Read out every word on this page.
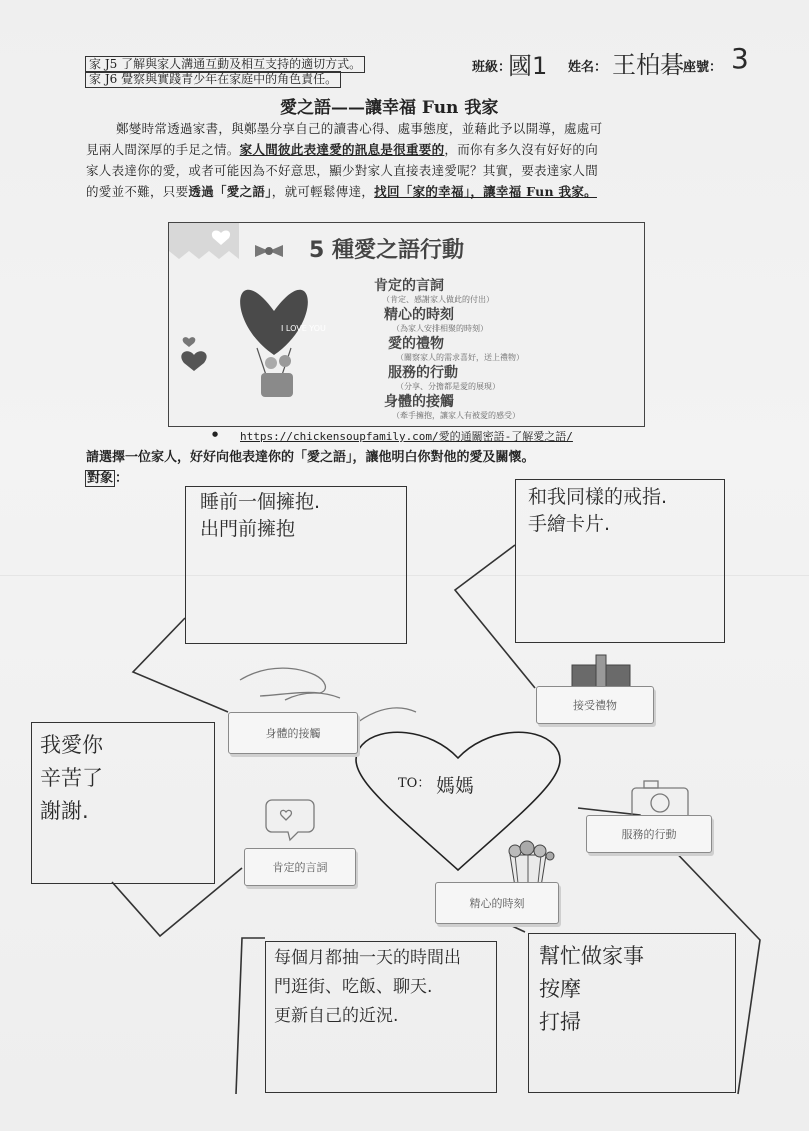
家 J5 了解與家人溝通互動及相互支持的適切方式。
家 J6 覺察與實踐青少年在家庭中的角色責任。
班級：
國1 姓名： 王柏碁 座號： 3
愛之語——讓幸福 Fun 我家
鄭燮時常透過家書，與鄭墨分享自己的讀書心得、處事態度，並藉此予以開導，處處可
見兩人間深厚的手足之情。家人間彼此表達愛的訊息是很重要的，而你有多久沒有好好的向
家人表達你的愛，或者可能因為不好意思，顯少對家人直接表達愛呢？其實，要表達家人間
的愛並不難，只要透過「愛之語」，就可輕鬆傳達，找回「家的幸福」，讓幸福 Fun 我家。
I LOVE YOU
5 種愛之語行動
肯定的言詞
（肯定、感謝家人做此的付出）
精心的時刻
（為家人安排相聚的時刻）
愛的禮物
（關察家人的需求喜好，送上禮物）
服務的行動
（分享、分擔都是愛的展現）
身體的接觸
（牽手擁抱，讓家人有被愛的感受）
● https://chickensoupfamily.com/愛的通關密語-了解愛之語/
請選擇一位家人，好好向他表達你的「愛之語」，讓他明白你對他的愛及關懷。
對象 ：
身體的接觸
接受禮物
肯定的言詞
服務的行動
精心的時刻
TO： 媽媽
睡前一個擁抱.
出門前擁抱
和我同樣的戒指.
手繪卡片.
我愛你
辛苦了
謝謝.
每個月都抽一天的時間出
門逛街、吃飯、聊天.
更新自己的近況.
幫忙做家事
按摩
打掃
